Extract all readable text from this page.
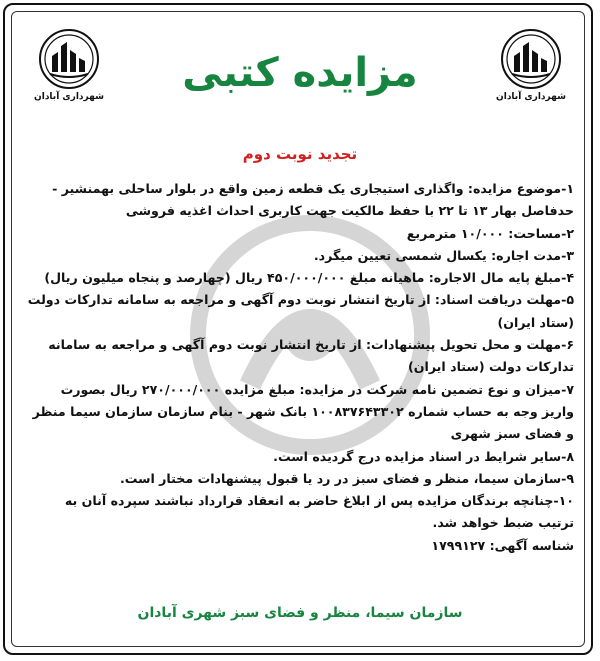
شهرداری آبادان	شهرداری آبادان
مزایده کتبی
تجدید نوبت دوم

۱-موضوع مزایده: واگذاری استیجاری یک قطعه زمین واقع در بلوار ساحلی بهمنشیر - حدفاصل بهار ۱۳ تا ۲۲ با حفظ مالکیت جهت کاربری احداث اغذیه فروشی

۲-مساحت: ۱۰/۰۰۰ مترمربع

۳-مدت اجاره: یکسال شمسی تعیین میگرد.

۴-مبلغ پایه مال الاجاره: ماهیانه مبلغ ۴۵۰/۰۰۰/۰۰۰ ریال (چهارصد و پنجاه میلیون ریال)

۵-مهلت دریافت اسناد: از تاریخ انتشار نوبت دوم آگهی و مراجعه به سامانه تدارکات دولت (ستاد ایران)

۶-مهلت و محل تحویل پیشنهادات: از تاریخ انتشار نوبت دوم آگهی و مراجعه به سامانه تدارکات دولت (ستاد ایران)

۷-میزان و نوع تضمین نامه شرکت در مزایده: مبلغ مزایده ۲۷۰/۰۰۰/۰۰۰ ریال بصورت واریز وجه به حساب شماره ۱۰۰۸۳۷۶۴۳۳۰۲ بانک شهر - بنام سازمان سازمان سیما منظر و فضای سبز شهری

۸-سایر شرایط در اسناد مزایده درج گردیده است.

۹-سازمان سیما، منظر و فضای سبز در رد یا قبول پیشنهادات مختار است.

۱۰-چنانچه برندگان مزایده پس از ابلاغ حاضر به انعقاد قرارداد نباشند سپرده آنان به ترتیب ضبط خواهد شد.

شناسه آگهی: ۱۷۹۹۱۲۷

سازمان سیما، منظر و فضای سبز شهری آبادان
